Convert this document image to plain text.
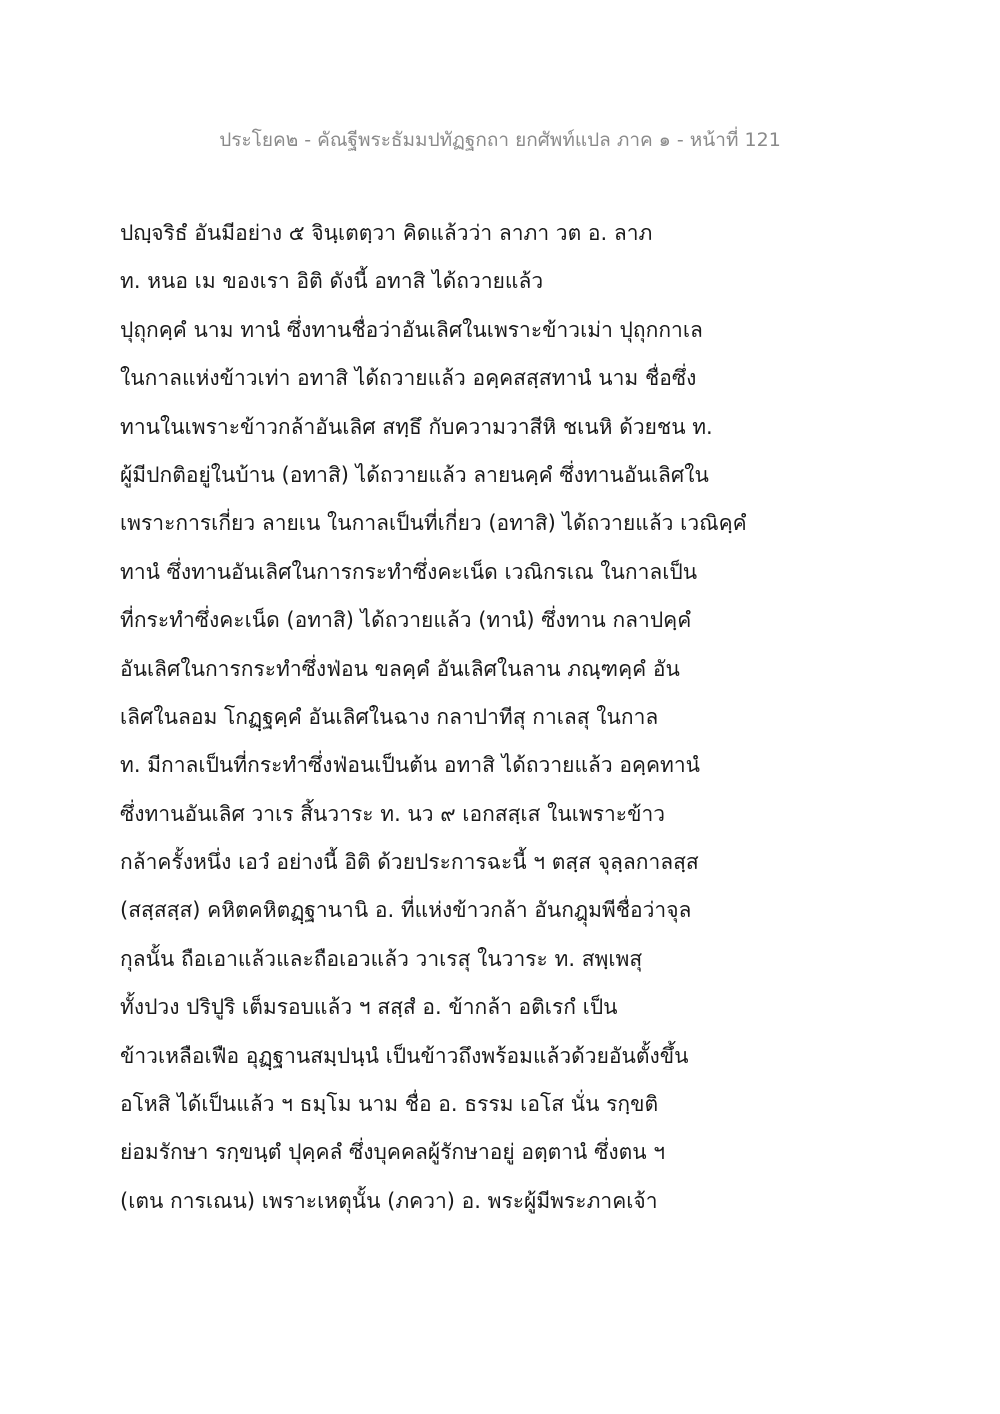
ประโยค๒ - คัณฐีพระธัมมปทัฏฐกถา ยกศัพท์แปล ภาค ๑ - หน้าที่ 121
ปญฺจริธํ อันมีอย่าง ๕ จินฺเตตฺวา คิดแล้วว่า ลาภา วต อ. ลาภ
ท. หนอ เม ของเรา อิติ ดังนี้ อทาสิ ได้ถวายแล้ว
ปุถุกคฺคํ นาม ทานํ ซึ่งทานชื่อว่าอันเลิศในเพราะข้าวเม่า ปุถุกกาเล
ในกาลแห่งข้าวเท่า อทาสิ ได้ถวายแล้ว อคฺคสสฺสทานํ นาม ชื่อซึ่ง
ทานในเพราะข้าวกล้าอันเลิศ สทฺธึ กับความวาสีหิ ชเนหิ ด้วยชน ท.
ผู้มีปกติอยู่ในบ้าน (อทาสิ) ได้ถวายแล้ว ลายนคฺคํ ซึ่งทานอันเลิศใน
เพราะการเกี่ยว ลายเน ในกาลเป็นที่เกี่ยว (อทาสิ) ได้ถวายแล้ว เวณิคฺคํ
ทานํ ซึ่งทานอันเลิศในการกระทำซึ่งคะเน็ด เวณิกรเณ ในกาลเป็น
ที่กระทำซึ่งคะเน็ด (อทาสิ) ได้ถวายแล้ว (ทานํ) ซึ่งทาน กลาปคฺคํ
อันเลิศในการกระทำซึ่งฟ่อน ขลคฺคํ อันเลิศในลาน ภณฺฑคฺคํ อัน
เลิศในลอม โกฏฺฐคฺคํ อันเลิศในฉาง กลาปาทีสุ กาเลสุ ในกาล
ท. มีกาลเป็นที่กระทำซึ่งฟ่อนเป็นต้น อทาสิ ได้ถวายแล้ว อคฺคทานํ
ซึ่งทานอันเลิศ วาเร สิ้นวาระ ท. นว ๙ เอกสสฺเส ในเพราะข้าว
กล้าครั้งหนึ่ง เอวํ อย่างนี้ อิติ ด้วยประการฉะนี้ ฯ ตสฺส จุลฺลกาลสฺส
(สสฺสสฺส) คหิตคหิตฏฺฐานานิ อ. ที่แห่งข้าวกล้า อันกฎุมพีชื่อว่าจุล
กุลนั้น ถือเอาแล้วและถือเอวแล้ว วาเรสุ ในวาระ ท. สพฺเพสุ
ทั้งปวง ปริปูริ เต็มรอบแล้ว ฯ สสฺสํ อ. ข้ากล้า อติเรกํ เป็น
ข้าวเหลือเฟือ อุฏฺฐานสมฺปนฺนํ เป็นข้าวถึงพร้อมแล้วด้วยอันตั้งขึ้น
อโหสิ ได้เป็นแล้ว ฯ ธมฺโม นาม ชื่อ อ. ธรรม เอโส นั่น รกฺขติ
ย่อมรักษา รกฺขนฺตํ ปุคฺคลํ ซึ่งบุคคลผู้รักษาอยู่ อตฺตานํ ซึ่งตน ฯ
(เตน การเณน) เพราะเหตุนั้น (ภควา) อ. พระผู้มีพระภาคเจ้า
